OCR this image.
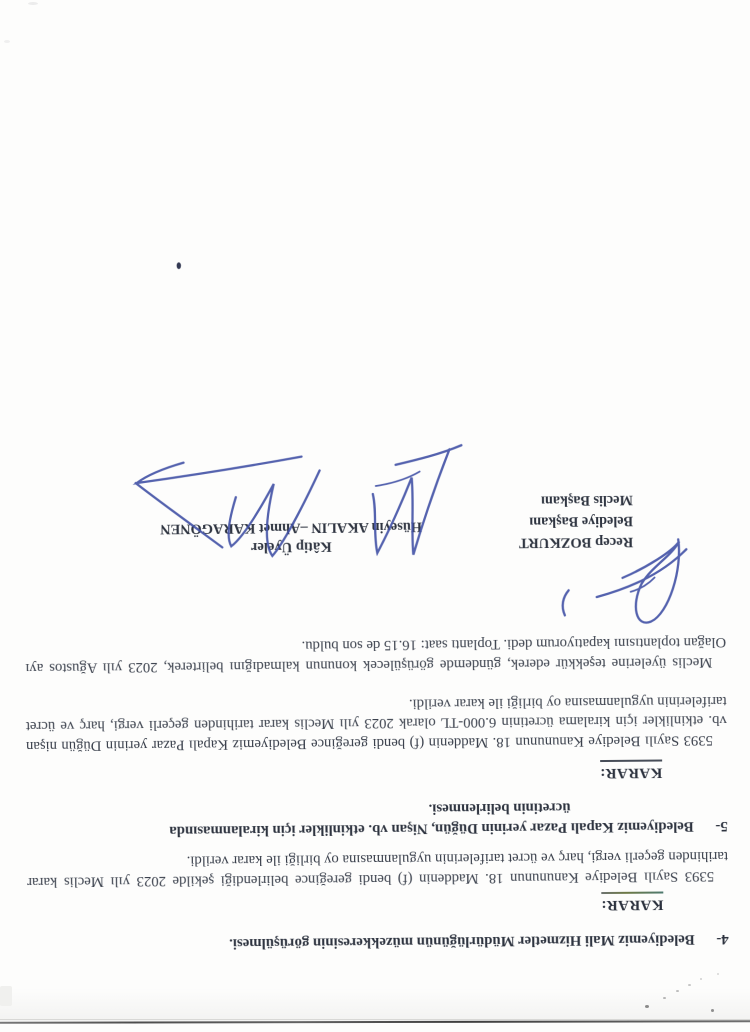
4-Belediyemiz Mali Hizmetler Müdürlüğünün müzekkeresinin görüşülmesi.
KARAR:
5393 Sayılı Belediye Kanununun 18. Maddenin (f) bendi gereğince belirlendiği şekilde 2023 yılı Meclis karar tarihinden geçerli vergi, harç ve ücret tarifelerinin uygulanmasına oy birliği ile karar verildi.
5-Belediyemiz Kapalı Pazar yerinin Düğün, Nişan vb. etkinlikler için kiralanmasında
ücretinin belirlenmesi.
KARAR:
5393 Sayılı Belediye Kanununun 18. Maddenin (f) bendi gereğince Belediyemiz Kapalı Pazar yerinin Düğün nişan vb. etkinlikler için kiralama ücretinin 6.000-TL olarak 2023 yılı Meclis karar tarihinden geçerli vergi, harç ve ücret tarifelerinin uygulanmasına oy birliği ile karar verildi.
Meclis üyelerine teşekkür ederek, gündemde görüşülecek konunun kalmadığını belirterek, 2023 yılı Ağustos ayı Olağan toplantısını kapatıyorum dedi. Toplantı saat: 16.15 de son buldu.
Recep BOZKURT
Belediye Başkanı
Meclis Başkanı
Kâtip Üyeler
Hüseyin AKALIN –Ahmet KARAGÖNEN
